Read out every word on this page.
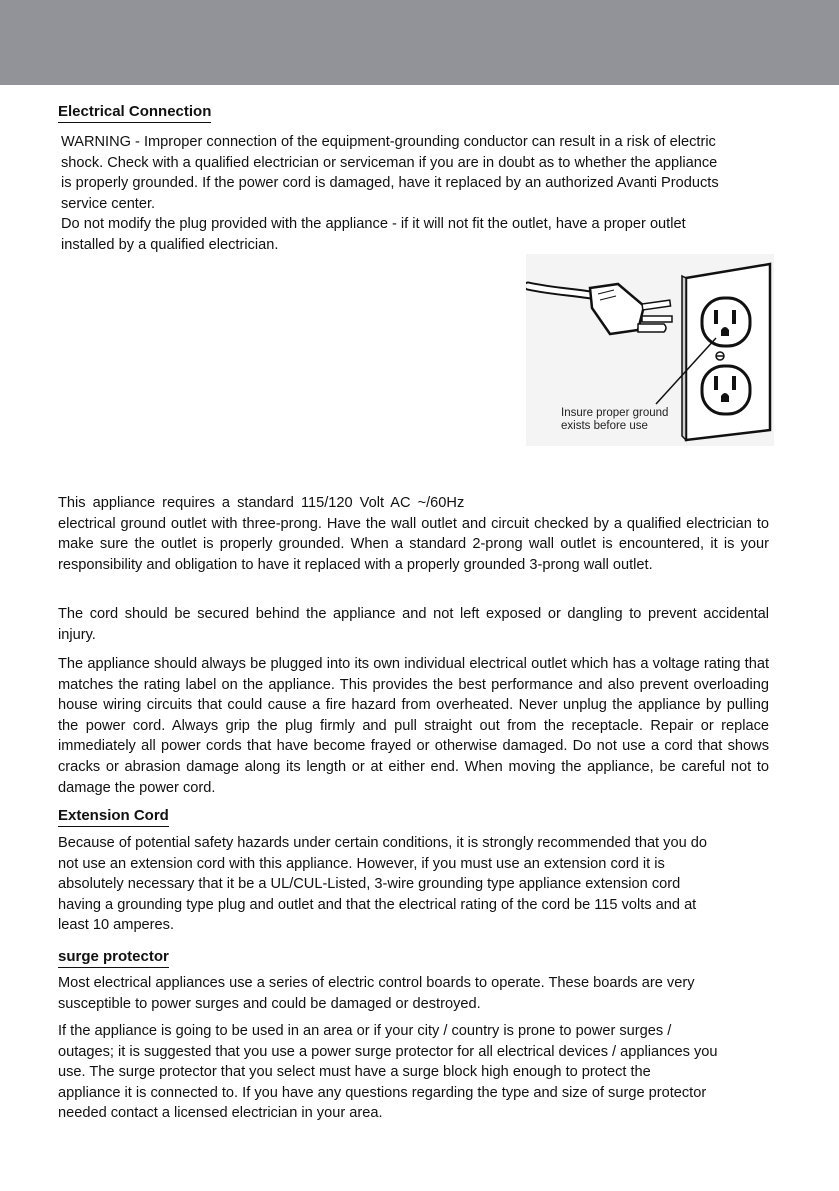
Electrical Connection
WARNING - Improper connection of the equipment-grounding conductor can result in a risk of electric
shock. Check with a qualified electrician or serviceman if you are in doubt as to whether the appliance
is properly grounded. If the power cord is damaged, have it replaced by an authorized Avanti Products
service center.
Do not modify the plug provided with the appliance - if it will not fit the outlet, have a proper outlet
installed by a qualified electrician.
Insure proper ground
exists before use
This appliance requires a standard 115/120 Volt AC ~/60Hz
electrical ground outlet with three-prong. Have the wall outlet and circuit checked by a qualified electrician to make sure the outlet is properly grounded. When a standard 2-prong wall outlet is encountered, it is your responsibility and obligation to have it replaced with a properly grounded 3-prong wall outlet.
The cord should be secured behind the appliance and not left exposed or dangling to prevent accidental injury.
The appliance should always be plugged into its own individual electrical outlet which has a voltage rating that matches the rating label on the appliance. This provides the best performance and also prevent overloading house wiring circuits that could cause a fire hazard from overheated. Never unplug the appliance by pulling the power cord. Always grip the plug firmly and pull straight out from the receptacle. Repair or replace immediately all power cords that have become frayed or otherwise damaged. Do not use a cord that shows cracks or abrasion damage along its length or at either end. When moving the appliance, be careful not to damage the power cord.
Extension Cord
Because of potential safety hazards under certain conditions, it is strongly recommended that you do
not use an extension cord with this appliance. However, if you must use an extension cord it is
absolutely necessary that it be a UL/CUL-Listed, 3-wire grounding type appliance extension cord
having a grounding type plug and outlet and that the electrical rating of the cord be 115 volts and at
least 10 amperes.
surge protector
Most electrical appliances use a series of electric control boards to operate. These boards are very
susceptible to power surges and could be damaged or destroyed.
If the appliance is going to be used in an area or if your city / country is prone to power surges /
outages; it is suggested that you use a power surge protector for all electrical devices / appliances you
use. The surge protector that you select must have a surge block high enough to protect the
appliance it is connected to. If you have any questions regarding the type and size of surge protector
needed contact a licensed electrician in your area.
